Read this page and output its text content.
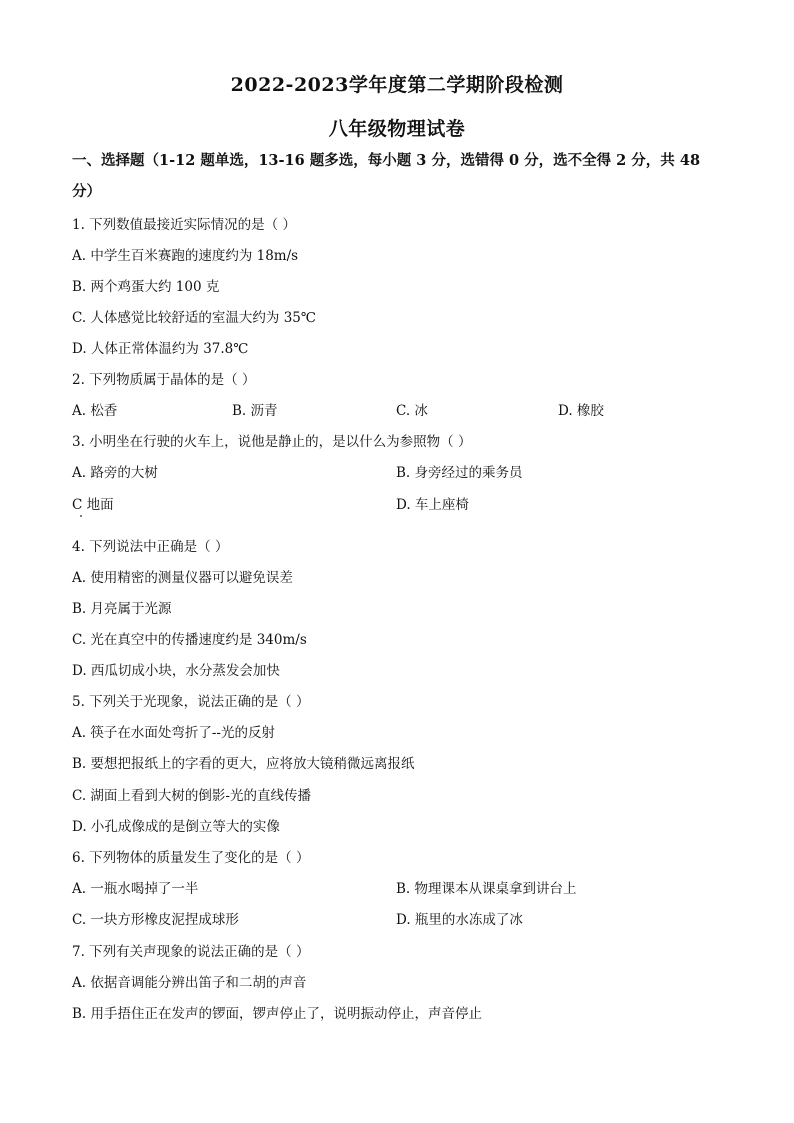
2022-2023学年度第二学期阶段检测
八年级物理试卷
一、选择题（1-12 题单选，13-16 题多选，每小题 3 分，选错得 0 分，选不全得 2 分，共 48
分）
1. 下列数值最接近实际情况的是（ ）
A. 中学生百米赛跑的速度约为 18m/s
B. 两个鸡蛋大约 100 克
C. 人体感觉比较舒适的室温大约为 35℃
D. 人体正常体温约为 37.8℃
2. 下列物质属于晶体的是（ ）
A. 松香	B. 沥青	C. 冰	D. 橡胶
3. 小明坐在行驶的火车上，说他是静止的，是以什么为参照物（ ）
A. 路旁的大树	B. 身旁经过的乘务员
C 地面	D. 车上座椅
4. 下列说法中正确是（ ）
A. 使用精密的测量仪器可以避免误差
B. 月亮属于光源
C. 光在真空中的传播速度约是 340m/s
D. 西瓜切成小块，水分蒸发会加快
5. 下列关于光现象，说法正确的是（ ）
A. 筷子在水面处弯折了--光的反射
B. 要想把报纸上的字看的更大，应将放大镜稍微远离报纸
C. 湖面上看到大树的倒影-光的直线传播
D. 小孔成像成的是倒立等大的实像
6. 下列物体的质量发生了变化的是（ ）
A. 一瓶水喝掉了一半	B. 物理课本从课桌拿到讲台上
C. 一块方形橡皮泥捏成球形	D. 瓶里的水冻成了冰
7. 下列有关声现象的说法正确的是（ ）
A. 依据音调能分辨出笛子和二胡的声音
B. 用手捂住正在发声的锣面，锣声停止了，说明振动停止，声音停止
